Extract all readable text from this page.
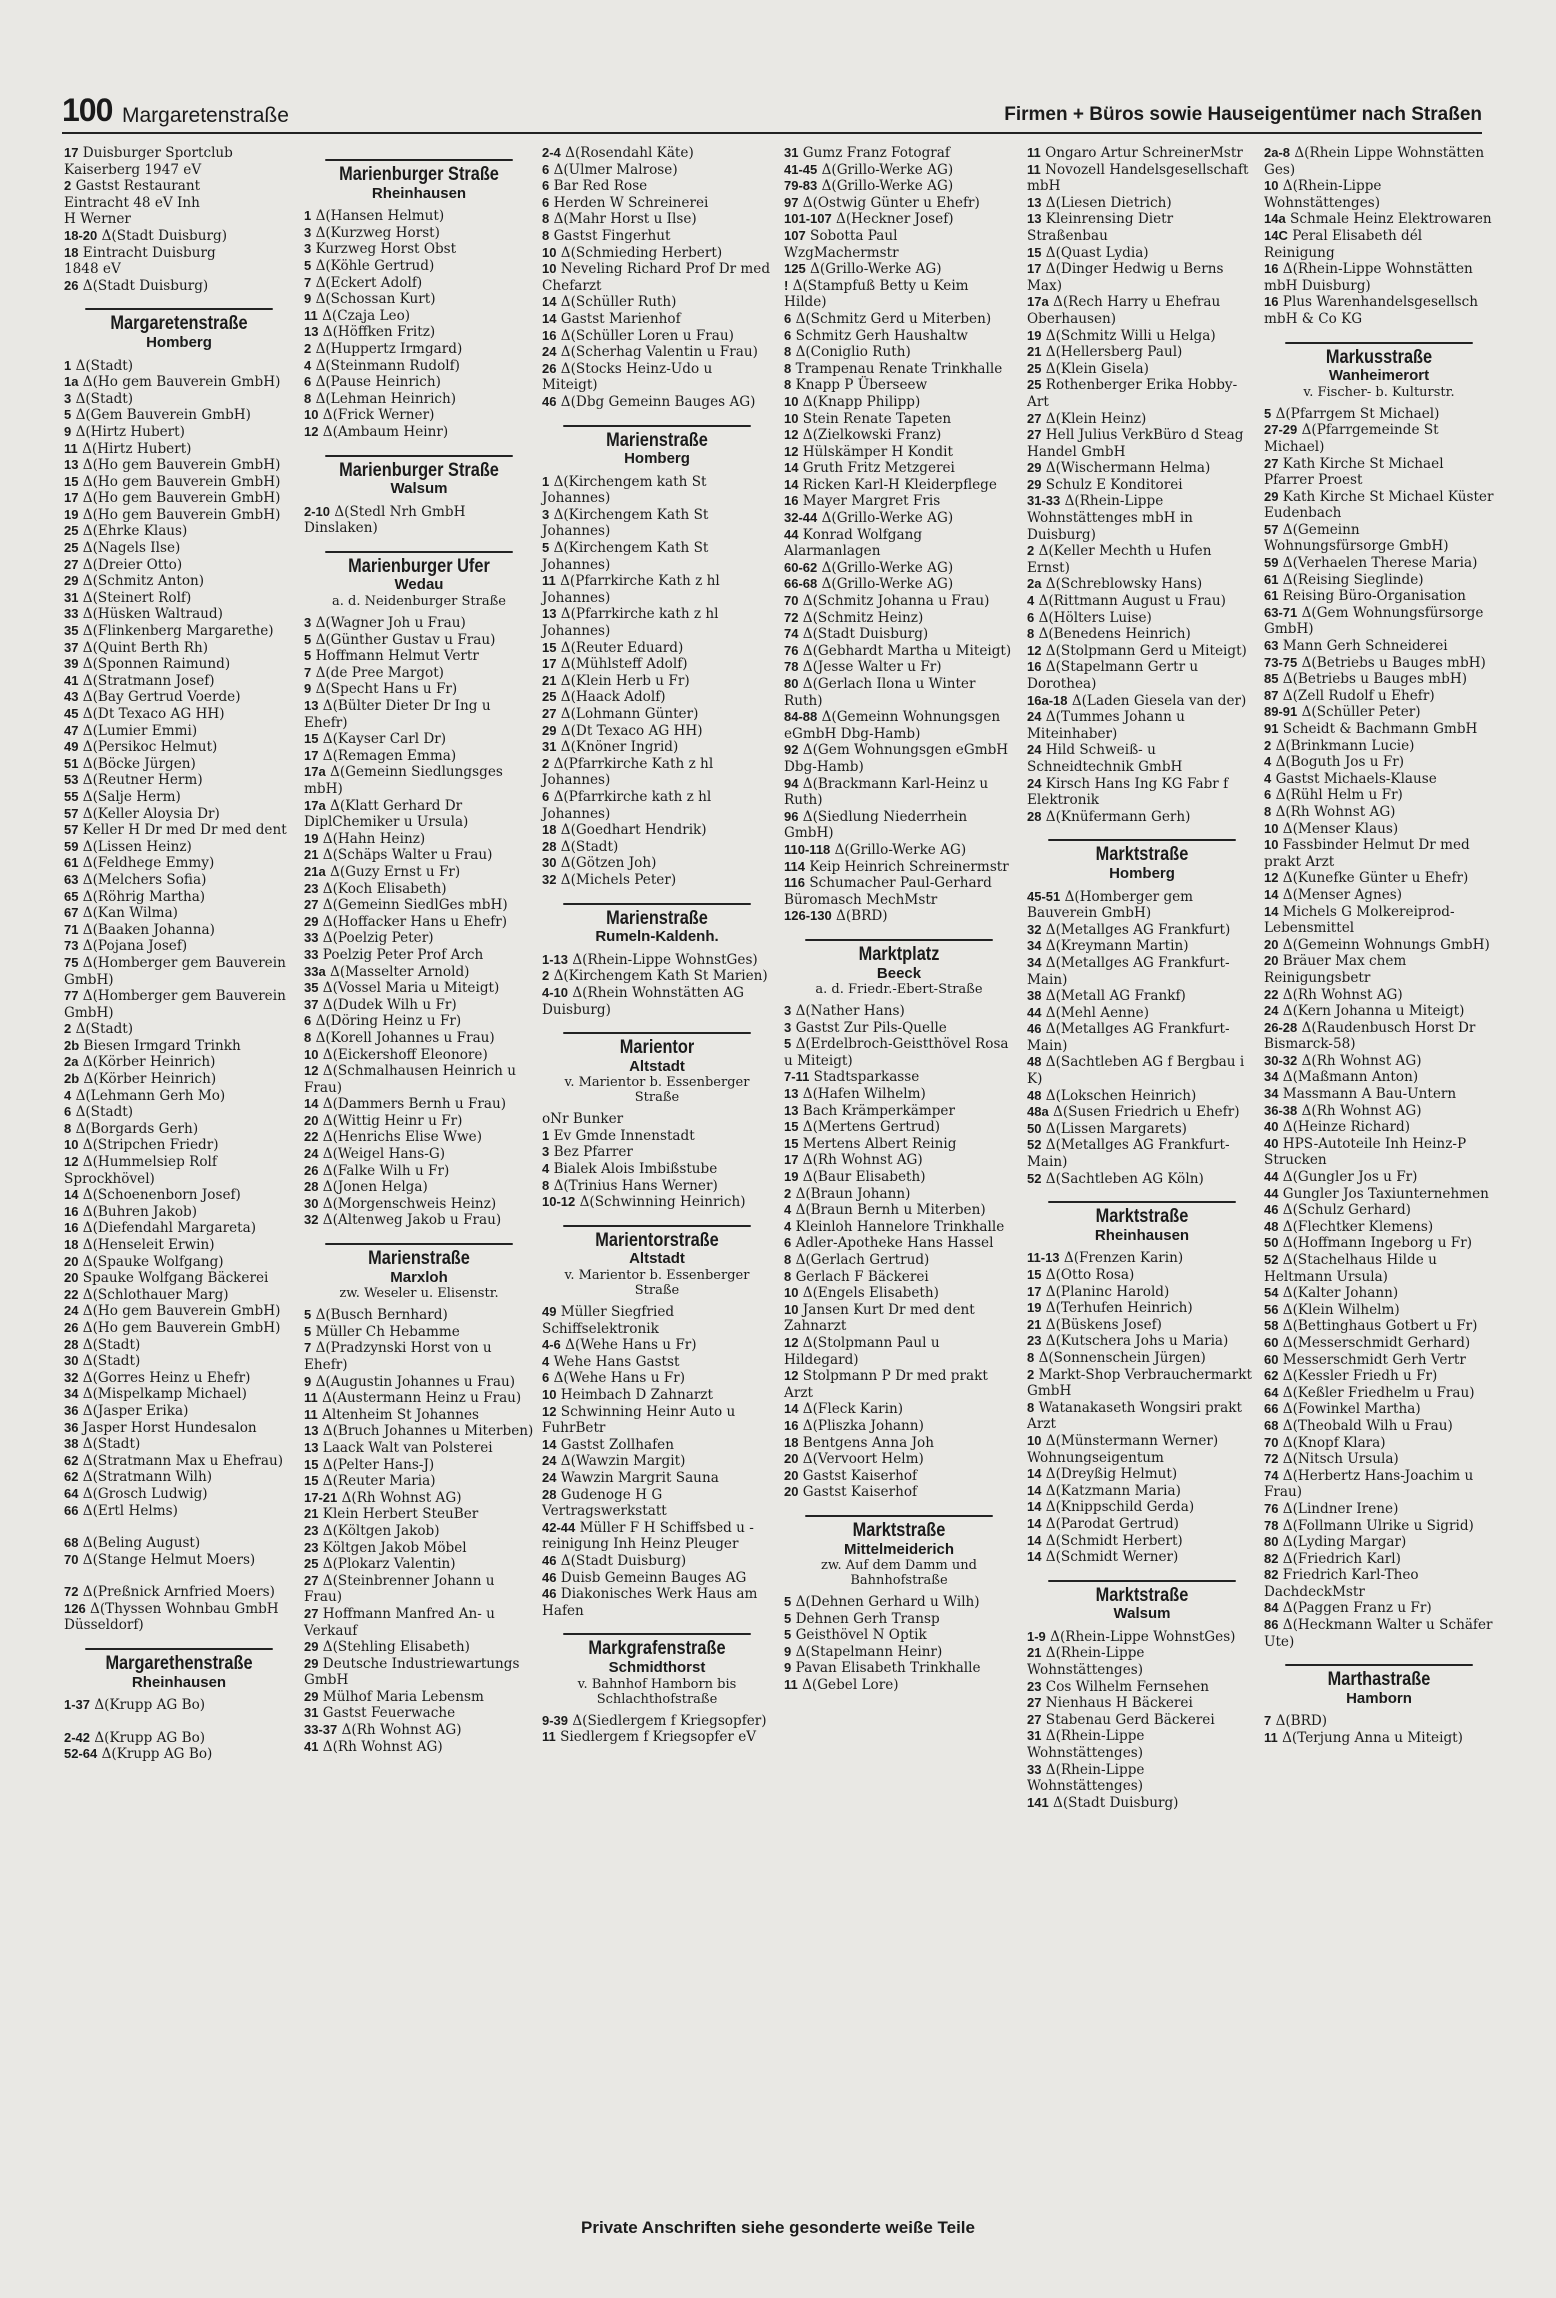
100 Margaretenstraße	Firmen + Büros sowie Hauseigentümer nach Straßen
17 Duisburger Sportclub
Kaiserberg 1947 eV
2 Gastst Restaurant
Eintracht 48 eV Inh
H Werner
18-20 Δ(Stadt Duisburg)
18 Eintracht Duisburg
1848 eV
26 Δ(Stadt Duisburg)
Margaretenstraße
Homberg
1 Δ(Stadt)
1a Δ(Ho gem Bauverein GmbH)
3 Δ(Stadt)
5 Δ(Gem Bauverein GmbH)
9 Δ(Hirtz Hubert)
11 Δ(Hirtz Hubert)
13 Δ(Ho gem Bauverein GmbH)
15 Δ(Ho gem Bauverein GmbH)
17 Δ(Ho gem Bauverein GmbH)
19 Δ(Ho gem Bauverein GmbH)
25 Δ(Ehrke Klaus)
25 Δ(Nagels Ilse)
27 Δ(Dreier Otto)
29 Δ(Schmitz Anton)
31 Δ(Steinert Rolf)
33 Δ(Hüsken Waltraud)
35 Δ(Flinkenberg Margarethe)
37 Δ(Quint Berth Rh)
39 Δ(Sponnen Raimund)
41 Δ(Stratmann Josef)
43 Δ(Bay Gertrud Voerde)
45 Δ(Dt Texaco AG HH)
47 Δ(Lumier Emmi)
49 Δ(Persikoc Helmut)
51 Δ(Böcke Jürgen)
53 Δ(Reutner Herm)
55 Δ(Salje Herm)
57 Δ(Keller Aloysia Dr)
57 Keller H Dr med Dr med dent
59 Δ(Lissen Heinz)
61 Δ(Feldhege Emmy)
63 Δ(Melchers Sofia)
65 Δ(Röhrig Martha)
67 Δ(Kan Wilma)
71 Δ(Baaken Johanna)
73 Δ(Pojana Josef)
75 Δ(Homberger gem Bauverein GmbH)
77 Δ(Homberger gem Bauverein GmbH)
2 Δ(Stadt)
2b Biesen Irmgard Trinkh
2a Δ(Körber Heinrich)
2b Δ(Körber Heinrich)
4 Δ(Lehmann Gerh Mo)
6 Δ(Stadt)
8 Δ(Borgards Gerh)
10 Δ(Stripchen Friedr)
12 Δ(Hummelsiep Rolf Sprockhövel)
14 Δ(Schoenenborn Josef)
16 Δ(Buhren Jakob)
16 Δ(Diefendahl Margareta)
18 Δ(Henseleit Erwin)
20 Δ(Spauke Wolfgang)
20 Spauke Wolfgang Bäckerei
22 Δ(Schlothauer Marg)
24 Δ(Ho gem Bauverein GmbH)
26 Δ(Ho gem Bauverein GmbH)
28 Δ(Stadt)
30 Δ(Stadt)
32 Δ(Gorres Heinz u Ehefr)
34 Δ(Mispelkamp Michael)
36 Δ(Jasper Erika)
36 Jasper Horst Hundesalon
38 Δ(Stadt)
62 Δ(Stratmann Max u Ehefrau)
62 Δ(Stratmann Wilh)
64 Δ(Grosch Ludwig)
66 Δ(Ertl Helms)
68 Δ(Beling August)
70 Δ(Stange Helmut Moers)
72 Δ(Preßnick Arnfried Moers)
126 Δ(Thyssen Wohnbau GmbH Düsseldorf)
Margarethenstraße
Rheinhausen
1-37 Δ(Krupp AG Bo)
2-42 Δ(Krupp AG Bo)
52-64 Δ(Krupp AG Bo)
Marienburger Straße
Rheinhausen
1 Δ(Hansen Helmut)
3 Δ(Kurzweg Horst)
3 Kurzweg Horst Obst
5 Δ(Köhle Gertrud)
7 Δ(Eckert Adolf)
9 Δ(Schossan Kurt)
11 Δ(Czaja Leo)
13 Δ(Höffken Fritz)
2 Δ(Huppertz Irmgard)
4 Δ(Steinmann Rudolf)
6 Δ(Pause Heinrich)
8 Δ(Lehman Heinrich)
10 Δ(Frick Werner)
12 Δ(Ambaum Heinr)
Marienburger Straße
Walsum
2-10 Δ(Stedl Nrh GmbH Dinslaken)
Marienburger Ufer
Wedau
a. d. Neidenburger Straße
3 Δ(Wagner Joh u Frau)
5 Δ(Günther Gustav u Frau)
5 Hoffmann Helmut Vertr
7 Δ(de Pree Margot)
9 Δ(Specht Hans u Fr)
13 Δ(Bülter Dieter Dr Ing u Ehefr)
15 Δ(Kayser Carl Dr)
17 Δ(Remagen Emma)
17a Δ(Gemeinn Siedlungsges mbH)
17a Δ(Klatt Gerhard Dr DiplChemiker u Ursula)
19 Δ(Hahn Heinz)
21 Δ(Schäps Walter u Frau)
21a Δ(Guzy Ernst u Fr)
23 Δ(Koch Elisabeth)
27 Δ(Gemeinn SiedlGes mbH)
29 Δ(Hoffacker Hans u Ehefr)
33 Δ(Poelzig Peter)
33 Poelzig Peter Prof Arch
33a Δ(Masselter Arnold)
35 Δ(Vossel Maria u Miteigt)
37 Δ(Dudek Wilh u Fr)
6 Δ(Döring Heinz u Fr)
8 Δ(Korell Johannes u Frau)
10 Δ(Eickershoff Eleonore)
12 Δ(Schmalhausen Heinrich u Frau)
14 Δ(Dammers Bernh u Frau)
20 Δ(Wittig Heinr u Fr)
22 Δ(Henrichs Elise Wwe)
24 Δ(Weigel Hans-G)
26 Δ(Falke Wilh u Fr)
28 Δ(Jonen Helga)
30 Δ(Morgenschweis Heinz)
32 Δ(Altenweg Jakob u Frau)
Marienstraße
Marxloh
zw. Weseler u. Elisenstr.
5 Δ(Busch Bernhard)
5 Müller Ch Hebamme
7 Δ(Pradzynski Horst von u Ehefr)
9 Δ(Augustin Johannes u Frau)
11 Δ(Austermann Heinz u Frau)
11 Altenheim St Johannes
13 Δ(Bruch Johannes u Miterben)
13 Laack Walt van Polsterei
15 Δ(Pelter Hans-J)
15 Δ(Reuter Maria)
17-21 Δ(Rh Wohnst AG)
21 Klein Herbert SteuBer
23 Δ(Költgen Jakob)
23 Költgen Jakob Möbel
25 Δ(Plokarz Valentin)
27 Δ(Steinbrenner Johann u Frau)
27 Hoffmann Manfred An- u Verkauf
29 Δ(Stehling Elisabeth)
29 Deutsche Industriewartungs GmbH
29 Mülhof Maria Lebensm
31 Gastst Feuerwache
33-37 Δ(Rh Wohnst AG)
41 Δ(Rh Wohnst AG)
2-4 Δ(Rosendahl Käte)
6 Δ(Ulmer Malrose)
6 Bar Red Rose
6 Herden W Schreinerei
8 Δ(Mahr Horst u Ilse)
8 Gastst Fingerhut
10 Δ(Schmieding Herbert)
10 Neveling Richard Prof Dr med Chefarzt
14 Δ(Schüller Ruth)
14 Gastst Marienhof
16 Δ(Schüller Loren u Frau)
24 Δ(Scherhag Valentin u Frau)
26 Δ(Stocks Heinz-Udo u Miteigt)
46 Δ(Dbg Gemeinn Bauges AG)
Marienstraße
Homberg
1 Δ(Kirchengem kath St Johannes)
3 Δ(Kirchengem Kath St Johannes)
5 Δ(Kirchengem Kath St Johannes)
11 Δ(Pfarrkirche Kath z hl Johannes)
13 Δ(Pfarrkirche kath z hl Johannes)
15 Δ(Reuter Eduard)
17 Δ(Mühlsteff Adolf)
21 Δ(Klein Herb u Fr)
25 Δ(Haack Adolf)
27 Δ(Lohmann Günter)
29 Δ(Dt Texaco AG HH)
31 Δ(Knöner Ingrid)
2 Δ(Pfarrkirche Kath z hl Johannes)
6 Δ(Pfarrkirche kath z hl Johannes)
18 Δ(Goedhart Hendrik)
28 Δ(Stadt)
30 Δ(Götzen Joh)
32 Δ(Michels Peter)
Marienstraße
Rumeln-Kaldenh.
1-13 Δ(Rhein-Lippe WohnstGes)
2 Δ(Kirchengem Kath St Marien)
4-10 Δ(Rhein Wohnstätten AG Duisburg)
Marientor
Altstadt
v. Marientor b. Essenberger Straße
oNr Bunker
1 Ev Gmde Innenstadt
3 Bez Pfarrer
4 Bialek Alois Imbißstube
8 Δ(Trinius Hans Werner)
10-12 Δ(Schwinning Heinrich)
Marientorstraße
Altstadt
v. Marientor b. Essenberger Straße
49 Müller Siegfried Schiffselektronik
4-6 Δ(Wehe Hans u Fr)
4 Wehe Hans Gastst
6 Δ(Wehe Hans u Fr)
10 Heimbach D Zahnarzt
12 Schwinning Heinr Auto u FuhrBetr
14 Gastst Zollhafen
24 Δ(Wawzin Margit)
24 Wawzin Margrit Sauna
28 Gudenoge H G Vertragswerkstatt
42-44 Müller F H Schiffsbed u -reinigung Inh Heinz Pleuger
46 Δ(Stadt Duisburg)
46 Duisb Gemeinn Bauges AG
46 Diakonisches Werk Haus am Hafen
Markgrafenstraße
Schmidthorst
v. Bahnhof Hamborn bis Schlachthofstraße
9-39 Δ(Siedlergem f Kriegsopfer)
11 Siedlergem f Kriegsopfer eV
31 Gumz Franz Fotograf
41-45 Δ(Grillo-Werke AG)
79-83 Δ(Grillo-Werke AG)
97 Δ(Ostwig Günter u Ehefr)
101-107 Δ(Heckner Josef)
107 Sobotta Paul WzgMachermstr
125 Δ(Grillo-Werke AG)
! Δ(Stampfuß Betty u Keim Hilde)
6 Δ(Schmitz Gerd u Miterben)
6 Schmitz Gerh Haushaltw
8 Δ(Coniglio Ruth)
8 Trampenau Renate Trinkhalle
8 Knapp P Überseew
10 Δ(Knapp Philipp)
10 Stein Renate Tapeten
12 Δ(Zielkowski Franz)
12 Hülskämper H Kondit
14 Gruth Fritz Metzgerei
14 Ricken Karl-H Kleiderpflege
16 Mayer Margret Fris
32-44 Δ(Grillo-Werke AG)
44 Konrad Wolfgang Alarmanlagen
60-62 Δ(Grillo-Werke AG)
66-68 Δ(Grillo-Werke AG)
70 Δ(Schmitz Johanna u Frau)
72 Δ(Schmitz Heinz)
74 Δ(Stadt Duisburg)
76 Δ(Gebhardt Martha u Miteigt)
78 Δ(Jesse Walter u Fr)
80 Δ(Gerlach Ilona u Winter Ruth)
84-88 Δ(Gemeinn Wohnungsgen eGmbH Dbg-Hamb)
92 Δ(Gem Wohnungsgen eGmbH Dbg-Hamb)
94 Δ(Brackmann Karl-Heinz u Ruth)
96 Δ(Siedlung Niederrhein GmbH)
110-118 Δ(Grillo-Werke AG)
114 Keip Heinrich Schreinermstr
116 Schumacher Paul-Gerhard Büromasch MechMstr
126-130 Δ(BRD)
Marktplatz
Beeck
a. d. Friedr.-Ebert-Straße
3 Δ(Nather Hans)
3 Gastst Zur Pils-Quelle
5 Δ(Erdelbroch-Geistthövel Rosa u Miteigt)
7-11 Stadtsparkasse
13 Δ(Hafen Wilhelm)
13 Bach Krämperkämper
15 Δ(Mertens Gertrud)
15 Mertens Albert Reinig
17 Δ(Rh Wohnst AG)
19 Δ(Baur Elisabeth)
2 Δ(Braun Johann)
4 Δ(Braun Bernh u Miterben)
4 Kleinloh Hannelore Trinkhalle
6 Adler-Apotheke Hans Hassel
8 Δ(Gerlach Gertrud)
8 Gerlach F Bäckerei
10 Δ(Engels Elisabeth)
10 Jansen Kurt Dr med dent Zahnarzt
12 Δ(Stolpmann Paul u Hildegard)
12 Stolpmann P Dr med prakt Arzt
14 Δ(Fleck Karin)
16 Δ(Pliszka Johann)
18 Bentgens Anna Joh
20 Δ(Vervoort Helm)
20 Gastst Kaiserhof
20 Gastst Kaiserhof
Marktstraße
Mittelmeiderich
zw. Auf dem Damm und Bahnhofstraße
5 Δ(Dehnen Gerhard u Wilh)
5 Dehnen Gerh Transp
5 Geisthövel N Optik
9 Δ(Stapelmann Heinr)
9 Pavan Elisabeth Trinkhalle
11 Δ(Gebel Lore)
11 Ongaro Artur SchreinerMstr
11 Novozell Handelsgesellschaft mbH
13 Δ(Liesen Dietrich)
13 Kleinrensing Dietr Straßenbau
15 Δ(Quast Lydia)
17 Δ(Dinger Hedwig u Berns Max)
17a Δ(Rech Harry u Ehefrau Oberhausen)
19 Δ(Schmitz Willi u Helga)
21 Δ(Hellersberg Paul)
25 Δ(Klein Gisela)
25 Rothenberger Erika Hobby-Art
27 Δ(Klein Heinz)
27 Hell Julius VerkBüro d Steag Handel GmbH
29 Δ(Wischermann Helma)
29 Schulz E Konditorei
31-33 Δ(Rhein-Lippe Wohnstättenges mbH in Duisburg)
2 Δ(Keller Mechth u Hufen Ernst)
2a Δ(Schreblowsky Hans)
4 Δ(Rittmann August u Frau)
6 Δ(Hölters Luise)
8 Δ(Benedens Heinrich)
12 Δ(Stolpmann Gerd u Miteigt)
16 Δ(Stapelmann Gertr u Dorothea)
16a-18 Δ(Laden Giesela van der)
24 Δ(Tummes Johann u Miteinhaber)
24 Hild Schweiß- u Schneidtechnik GmbH
24 Kirsch Hans Ing KG Fabr f Elektronik
28 Δ(Knüfermann Gerh)
Marktstraße
Homberg
45-51 Δ(Homberger gem Bauverein GmbH)
32 Δ(Metallges AG Frankfurt)
34 Δ(Kreymann Martin)
34 Δ(Metallges AG Frankfurt-Main)
38 Δ(Metall AG Frankf)
44 Δ(Mehl Aenne)
46 Δ(Metallges AG Frankfurt-Main)
48 Δ(Sachtleben AG f Bergbau i K)
48 Δ(Lokschen Heinrich)
48a Δ(Susen Friedrich u Ehefr)
50 Δ(Lissen Margarets)
52 Δ(Metallges AG Frankfurt-Main)
52 Δ(Sachtleben AG Köln)
Marktstraße
Rheinhausen
11-13 Δ(Frenzen Karin)
15 Δ(Otto Rosa)
17 Δ(Planinc Harold)
19 Δ(Terhufen Heinrich)
21 Δ(Büskens Josef)
23 Δ(Kutschera Johs u Maria)
8 Δ(Sonnenschein Jürgen)
2 Markt-Shop Verbrauchermarkt GmbH
8 Watanakaseth Wongsiri prakt Arzt
10 Δ(Münstermann Werner)
Wohnungseigentum
14 Δ(Dreyßig Helmut)
14 Δ(Katzmann Maria)
14 Δ(Knippschild Gerda)
14 Δ(Parodat Gertrud)
14 Δ(Schmidt Herbert)
14 Δ(Schmidt Werner)
Marktstraße
Walsum
1-9 Δ(Rhein-Lippe WohnstGes)
21 Δ(Rhein-Lippe Wohnstättenges)
23 Cos Wilhelm Fernsehen
27 Nienhaus H Bäckerei
27 Stabenau Gerd Bäckerei
31 Δ(Rhein-Lippe Wohnstättenges)
33 Δ(Rhein-Lippe Wohnstättenges)
141 Δ(Stadt Duisburg)
2a-8 Δ(Rhein Lippe Wohnstätten Ges)
10 Δ(Rhein-Lippe Wohnstättenges)
14a Schmale Heinz Elektrowaren
14C Peral Elisabeth dél Reinigung
16 Δ(Rhein-Lippe Wohnstätten mbH Duisburg)
16 Plus Warenhandelsgesellsch mbH & Co KG
Markusstraße
Wanheimerort
v. Fischer- b. Kulturstr.
5 Δ(Pfarrgem St Michael)
27-29 Δ(Pfarrgemeinde St Michael)
27 Kath Kirche St Michael Pfarrer Proest
29 Kath Kirche St Michael Küster Eudenbach
57 Δ(Gemeinn Wohnungsfürsorge GmbH)
59 Δ(Verhaelen Therese Maria)
61 Δ(Reising Sieglinde)
61 Reising Büro-Organisation
63-71 Δ(Gem Wohnungsfürsorge GmbH)
63 Mann Gerh Schneiderei
73-75 Δ(Betriebs u Bauges mbH)
85 Δ(Betriebs u Bauges mbH)
87 Δ(Zell Rudolf u Ehefr)
89-91 Δ(Schüller Peter)
91 Scheidt & Bachmann GmbH
2 Δ(Brinkmann Lucie)
4 Δ(Boguth Jos u Fr)
4 Gastst Michaels-Klause
6 Δ(Rühl Helm u Fr)
8 Δ(Rh Wohnst AG)
10 Δ(Menser Klaus)
10 Fassbinder Helmut Dr med prakt Arzt
12 Δ(Kunefke Günter u Ehefr)
14 Δ(Menser Agnes)
14 Michels G Molkereiprod-Lebensmittel
20 Δ(Gemeinn Wohnungs GmbH)
20 Bräuer Max chem Reinigungsbetr
22 Δ(Rh Wohnst AG)
24 Δ(Kern Johanna u Miteigt)
26-28 Δ(Raudenbusch Horst Dr Bismarck-58)
30-32 Δ(Rh Wohnst AG)
34 Δ(Maßmann Anton)
34 Massmann A Bau-Untern
36-38 Δ(Rh Wohnst AG)
40 Δ(Heinze Richard)
40 HPS-Autoteile Inh Heinz-P Strucken
44 Δ(Gungler Jos u Fr)
44 Gungler Jos Taxiunternehmen
46 Δ(Schulz Gerhard)
48 Δ(Flechtker Klemens)
50 Δ(Hoffmann Ingeborg u Fr)
52 Δ(Stachelhaus Hilde u Heltmann Ursula)
54 Δ(Kalter Johann)
56 Δ(Klein Wilhelm)
58 Δ(Bettinghaus Gotbert u Fr)
60 Δ(Messerschmidt Gerhard)
60 Messerschmidt Gerh Vertr
62 Δ(Kessler Friedh u Fr)
64 Δ(Keßler Friedhelm u Frau)
66 Δ(Fowinkel Martha)
68 Δ(Theobald Wilh u Frau)
70 Δ(Knopf Klara)
72 Δ(Nitsch Ursula)
74 Δ(Herbertz Hans-Joachim u Frau)
76 Δ(Lindner Irene)
78 Δ(Follmann Ulrike u Sigrid)
80 Δ(Lyding Margar)
82 Δ(Friedrich Karl)
82 Friedrich Karl-Theo DachdeckMstr
84 Δ(Paggen Franz u Fr)
86 Δ(Heckmann Walter u Schäfer Ute)
Marthastraße
Hamborn
7 Δ(BRD)
11 Δ(Terjung Anna u Miteigt)
Private Anschriften siehe gesonderte weiße Teile
